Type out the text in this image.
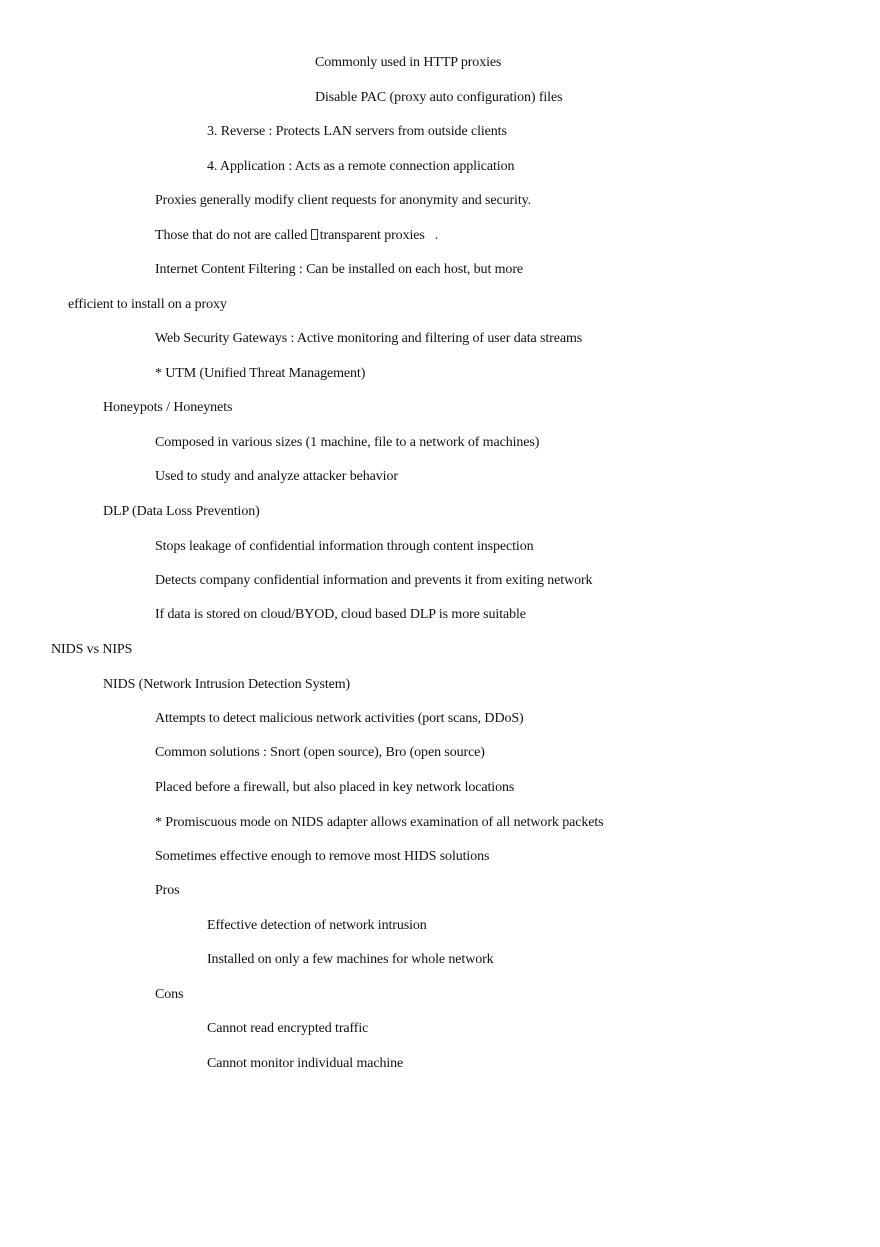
Commonly used in HTTP proxies

Disable PAC (proxy auto configuration) files

3. Reverse : Protects LAN servers from outside clients

4. Application : Acts as a remote connection application

Proxies generally modify client requests for anonymity and security.

Those that do not are called transparent proxies .

Internet Content Filtering : Can be installed on each host, but more

efficient to install on a proxy

Web Security Gateways : Active monitoring and filtering of user data streams

* UTM (Unified Threat Management)

Honeypots / Honeynets

Composed in various sizes (1 machine, file to a network of machines)

Used to study and analyze attacker behavior

DLP (Data Loss Prevention)

Stops leakage of confidential information through content inspection

Detects company confidential information and prevents it from exiting network

If data is stored on cloud/BYOD, cloud based DLP is more suitable

NIDS vs NIPS

NIDS (Network Intrusion Detection System)

Attempts to detect malicious network activities (port scans, DDoS)

Common solutions : Snort (open source), Bro (open source)

Placed before a firewall, but also placed in key network locations

* Promiscuous mode on NIDS adapter allows examination of all network packets

Sometimes effective enough to remove most HIDS solutions

Pros

Effective detection of network intrusion

Installed on only a few machines for whole network

Cons

Cannot read encrypted traffic

Cannot monitor individual machine
